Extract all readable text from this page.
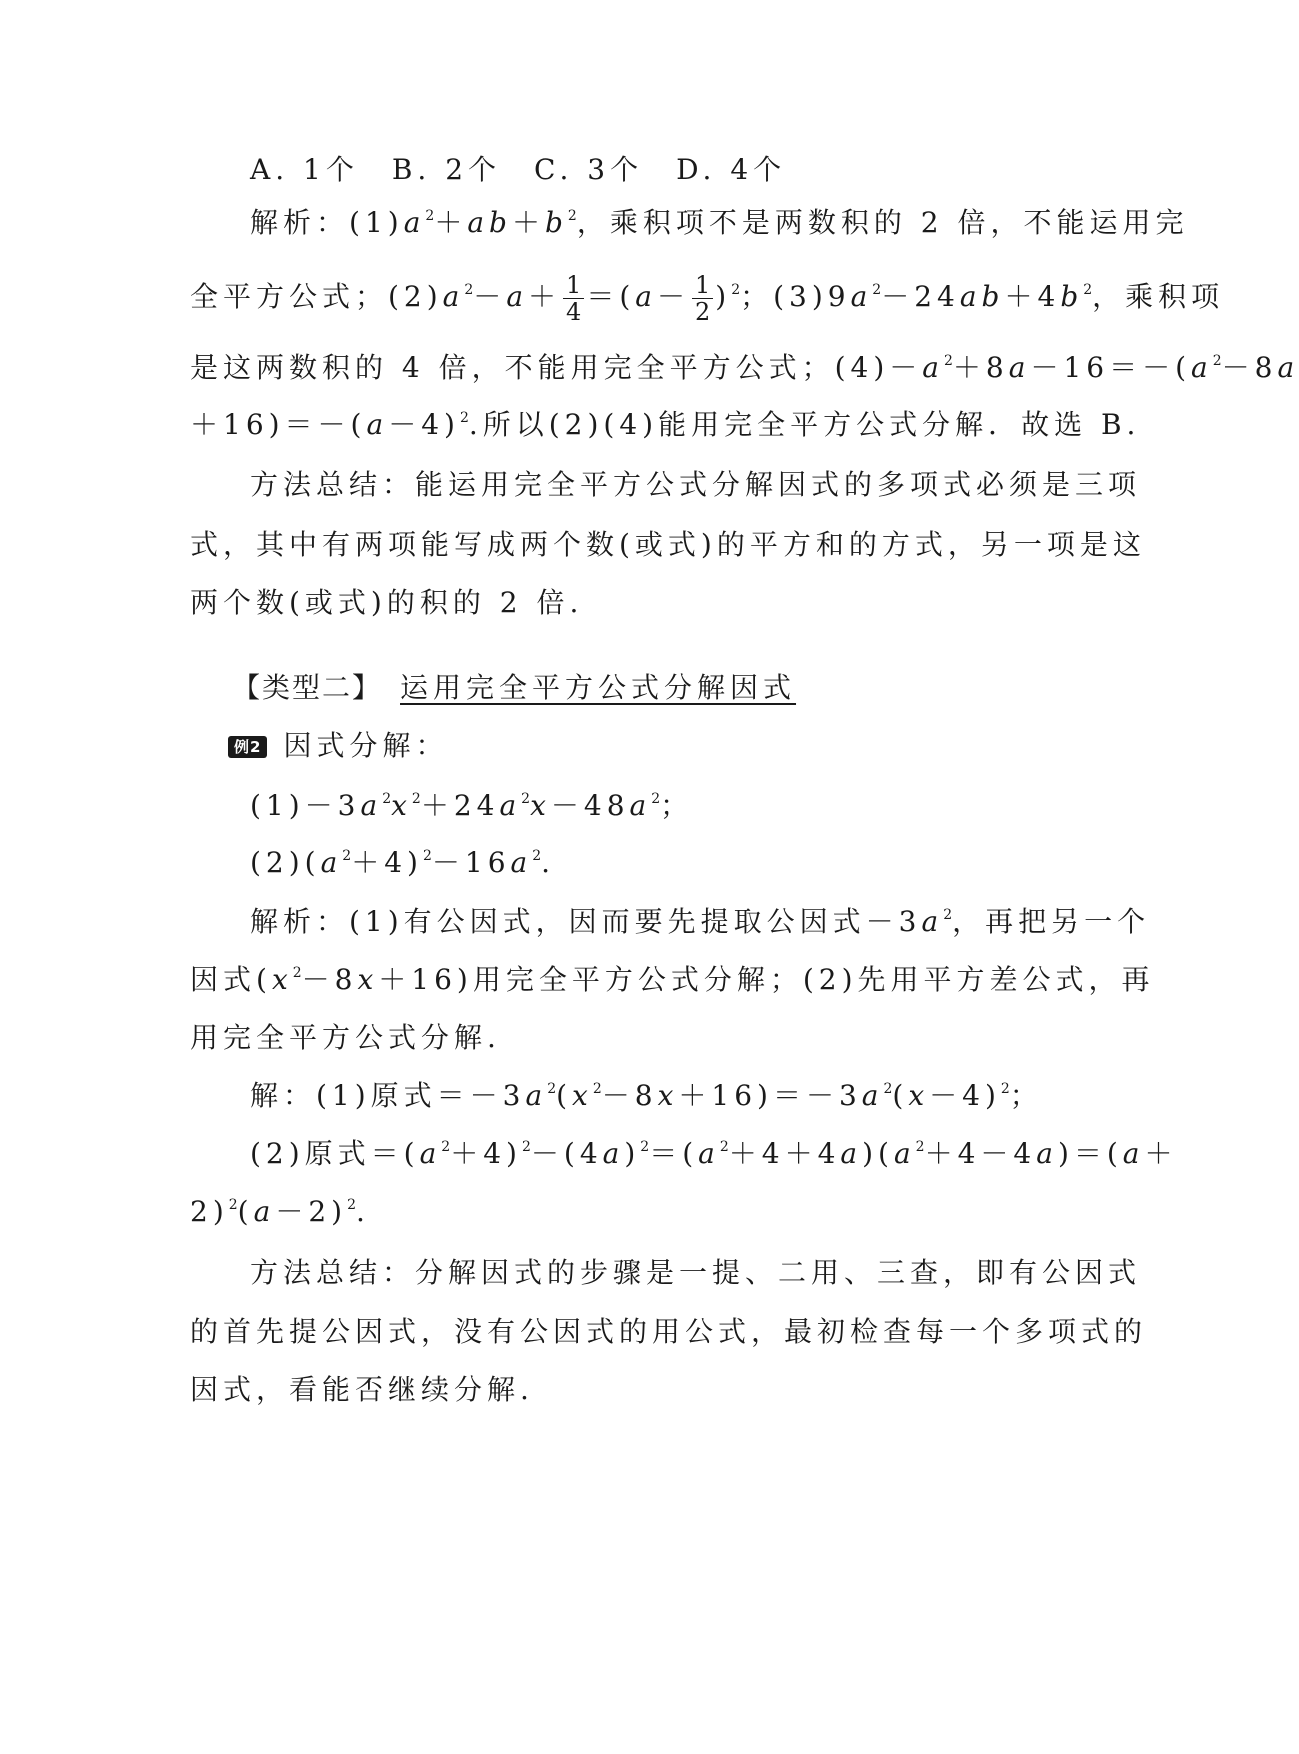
A. 1个　B. 2个　C. 3个　D. 4个
解析：$(1)a^2+ab+b^2$，乘积项不是两数积的 2 倍，不能运用完
全平方公式；$(2)a^2-a+ \frac{1}{4} =(a- \frac{1}{2} )^2$；$(3)9a^2-24ab+4b^2$，乘积项
是这两数积的 4 倍，不能用完全平方公式；$(4)-a^2+8a-16=-(a^2-8a$
$+16)=-(a-4)^2$.所以(2)(4)能用完全平方公式分解．故选 B.
方法总结：能运用完全平方公式分解因式的多项式必须是三项
式，其中有两项能写成两个数(或式)的平方和的方式，另一项是这
两个数(或式)的积的 2 倍.
【类型二】 运用完全平方公式分解因式
例2 因式分解：
$(1)-3a^2x^2+24a^2x-48a^2$；
$(2)(a^2+4)^2-16a^2$.
解析：(1)有公因式，因而要先提取公因式$-3a^2$，再把另一个
因式$(x^2-8x+16)$用完全平方公式分解；(2)先用平方差公式，再
用完全平方公式分解.
解：(1)原式$=-3a^2(x^2-8x+16)=-3a^2(x-4)^2$；
(2)原式$=(a^2+4)^2-(4a)^2=(a^2+4+4a)(a^2+4-4a)=(a+$
$2)^2(a-2)^2$.
方法总结：分解因式的步骤是一提、二用、三查，即有公因式
的首先提公因式，没有公因式的用公式，最初检查每一个多项式的
因式，看能否继续分解.
